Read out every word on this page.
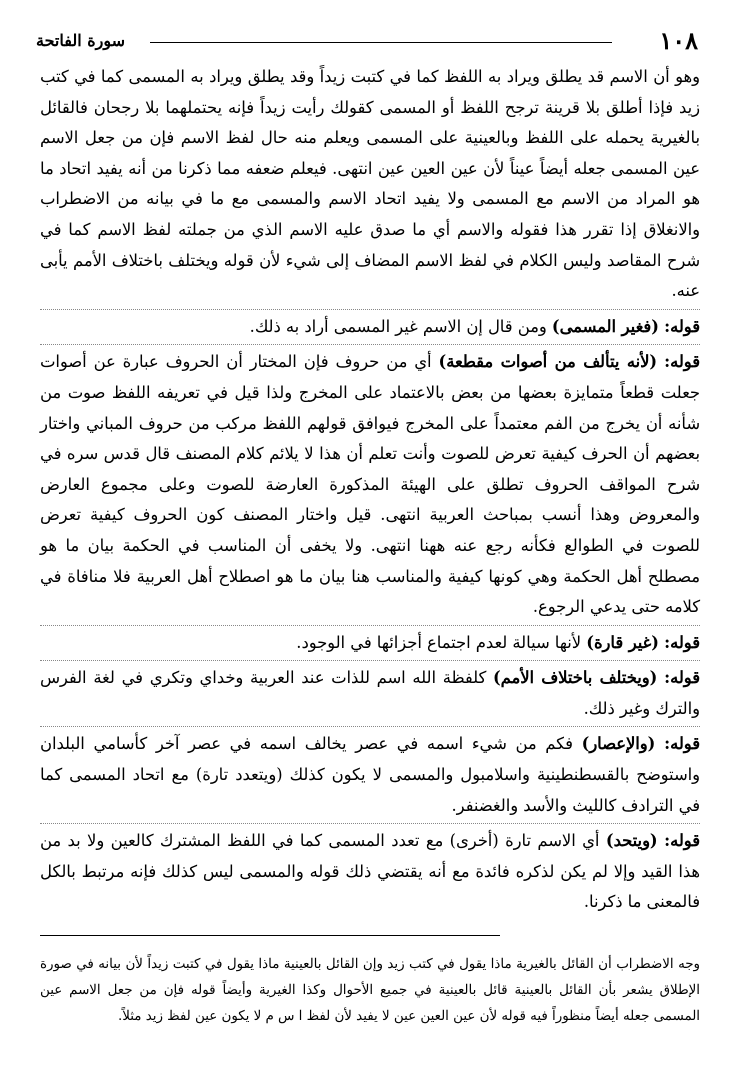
١٠٨
سورة الفاتحة

وهو أن الاسم قد يطلق ويراد به اللفظ كما في كتبت زيداً وقد يطلق ويراد به المسمى كما في كتب زيد فإذا أطلق بلا قرينة ترجح اللفظ أو المسمى كقولك رأيت زيداً فإنه يحتملهما بلا رجحان فالقائل بالغيرية يحمله على اللفظ وبالعينية على المسمى ويعلم منه حال لفظ الاسم فإن من جعل الاسم عين المسمى جعله أيضاً عيناً لأن عين العين عين انتهى. فيعلم ضعفه مما ذكرنا من أنه يفيد اتحاد ما هو المراد من الاسم مع المسمى ولا يفيد اتحاد الاسم والمسمى مع ما في بيانه من الاضطراب والانغلاق إذا تقرر هذا فقوله والاسم أي ما صدق عليه الاسم الذي من جملته لفظ الاسم كما في شرح المقاصد وليس الكلام في لفظ الاسم المضاف إلى شيء لأن قوله ويختلف باختلاف الأمم يأبى عنه.

قوله: (فغير المسمى) ومن قال إن الاسم غير المسمى أراد به ذلك.

قوله: (لأنه يتألف من أصوات مقطعة) أي من حروف فإن المختار أن الحروف عبارة عن أصوات جعلت قطعاً متمايزة بعضها من بعض بالاعتماد على المخرج ولذا قيل في تعريفه اللفظ صوت من شأنه أن يخرج من الفم معتمداً على المخرج فيوافق قولهم اللفظ مركب من حروف المباني واختار بعضهم أن الحرف كيفية تعرض للصوت وأنت تعلم أن هذا لا يلائم كلام المصنف قال قدس سره في شرح المواقف الحروف تطلق على الهيئة المذكورة العارضة للصوت وعلى مجموع العارض والمعروض وهذا أنسب بمباحث العربية انتهى. قيل واختار المصنف كون الحروف كيفية تعرض للصوت في الطوالع فكأنه رجع عنه ههنا انتهى. ولا يخفى أن المناسب في الحكمة بيان ما هو مصطلح أهل الحكمة وهي كونها كيفية والمناسب هنا بيان ما هو اصطلاح أهل العربية فلا منافاة في كلامه حتى يدعي الرجوع.

قوله: (غير قارة) لأنها سيالة لعدم اجتماع أجزائها في الوجود.

قوله: (ويختلف باختلاف الأمم) كلفظة الله اسم للذات عند العربية وخداي وتكري في لغة الفرس والترك وغير ذلك.

قوله: (والإعصار) فكم من شيء اسمه في عصر يخالف اسمه في عصر آخر كأسامي البلدان واستوضح بالقسطنطينية واسلامبول والمسمى لا يكون كذلك (ويتعدد تارة) مع اتحاد المسمى كما في الترادف كالليث والأسد والغضنفر.

قوله: (ويتحد) أي الاسم تارة (أخرى) مع تعدد المسمى كما في اللفظ المشترك كالعين ولا بد من هذا القيد وإلا لم يكن لذكره فائدة مع أنه يقتضي ذلك قوله والمسمى ليس كذلك فإنه مرتبط بالكل فالمعنى ما ذكرنا.

وجه الاضطراب أن القائل بالغيرية ماذا يقول في كتب زيد وإن القائل بالعينية ماذا يقول في كتبت زيداً لأن بيانه في صورة الإطلاق يشعر بأن القائل بالعينية قائل بالعينية في جميع الأحوال وكذا الغيرية وأيضاً قوله فإن من جعل الاسم عين المسمى جعله أيضاً منظوراً فيه قوله لأن عين العين عين لا يفيد لأن لفظ ا س م لا يكون عين لفظ زيد مثلاً.
